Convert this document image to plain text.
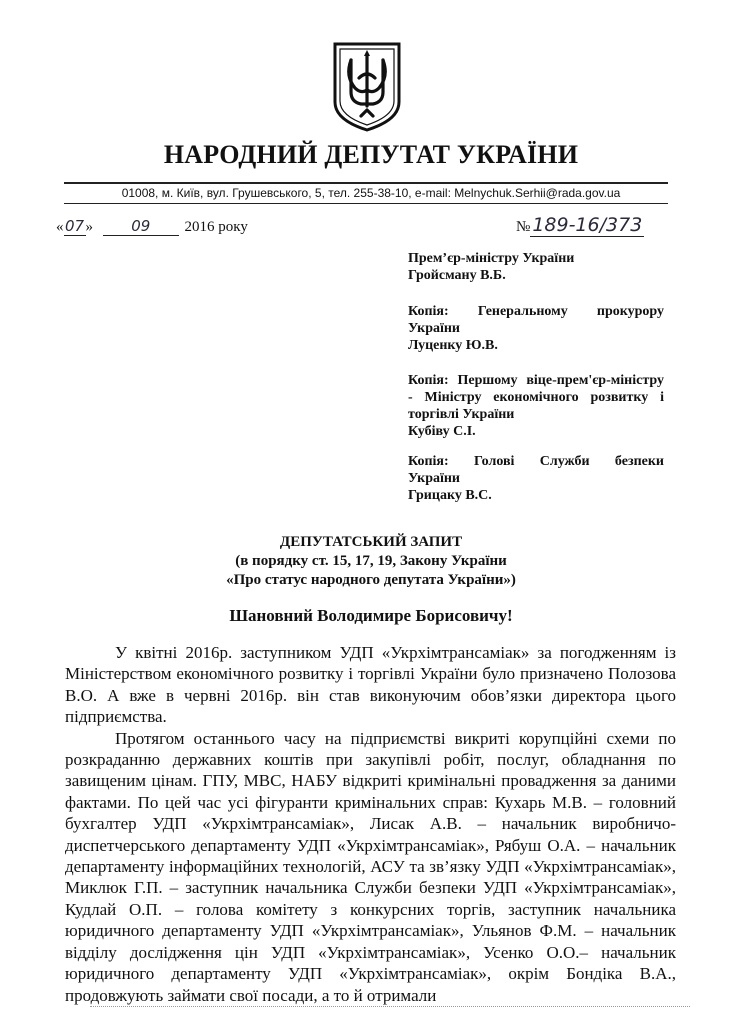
НАРОДНИЙ ДЕПУТАТ УКРАЇНИ
01008, м. Київ, вул. Грушевського, 5, тел. 255-38-10, e-mail: Melnychuk.Serhii@rada.gov.ua
«07»	09 2016 року	№ 189-16/373
Прем’єр-міністру України
Гройсману В.Б.
Копія: Генеральному прокурору
України
Луценку Ю.В.
Копія: Першому віце-прем'єр-міністру
- Міністру економічного розвитку і
торгівлі України
Кубіву С.І.
Копія: Голові Служби безпеки
України
Грицаку В.С.
ДЕПУТАТСЬКИЙ ЗАПИТ
(в порядку ст. 15, 17, 19, Закону України
«Про статус народного депутата України»)
Шановний Володимире Борисовичу!

У квітні 2016р. заступником УДП «Укрхімтрансаміак» за погодженням із Міністерством економічного розвитку і торгівлі України було призначено Полозова В.О. А вже в червні 2016р. він став виконуючим обов’язки директора цього підприємства.

Протягом останнього часу на підприємстві викриті корупційні схеми по розкраданню державних коштів при закупівлі робіт, послуг, обладнання по завищеним цінам. ГПУ, МВС, НАБУ відкриті кримінальні провадження за даними фактами. По цей час усі фігуранти кримінальних справ: Кухарь М.В. – головний бухгалтер УДП «Укрхімтрансаміак», Лисак А.В. – начальник виробничо-диспетчерського департаменту УДП «Укрхімтрансаміак», Рябуш О.А. – начальник департаменту інформаційних технологій, АСУ та зв’язку УДП «Укрхімтрансаміак», Миклюк Г.П. – заступник начальника Служби безпеки УДП «Укрхімтрансаміак», Кудлай О.П. – голова комітету з конкурсних торгів, заступник начальника юридичного департаменту УДП «Укрхімтрансаміак», Ульянов Ф.М. – начальник відділу дослідження цін УДП «Укрхімтрансаміак», Усенко О.О.– начальник юридичного департаменту УДП «Укрхімтрансаміак», окрім Бондіка В.А., продовжують займати свої посади, а то й отримали
